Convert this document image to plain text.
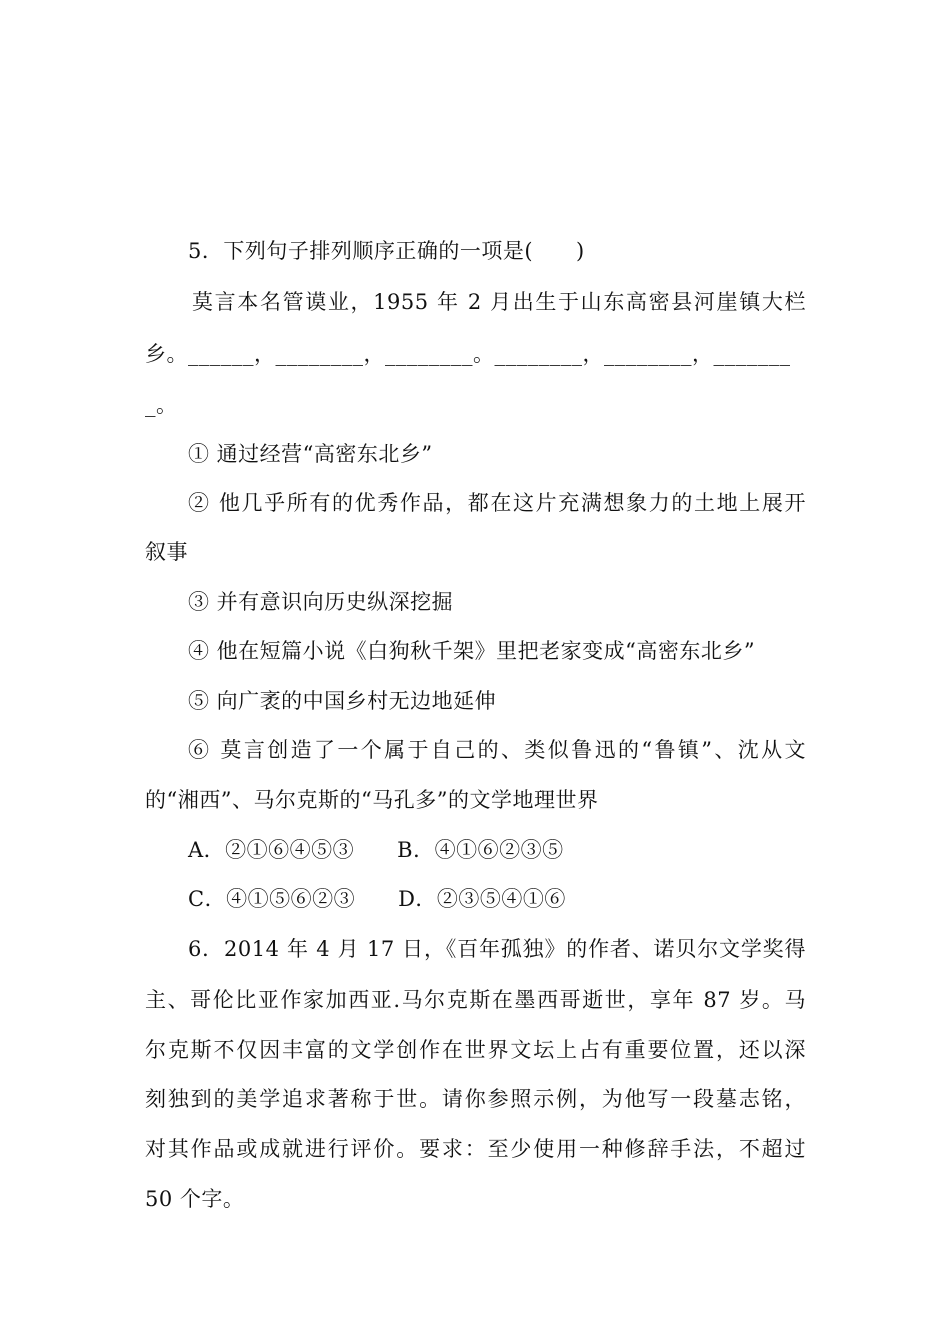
5．下列句子排列顺序正确的一项是(　　)
莫言本名管谟业，1955 年 2 月出生于山东高密县河崖镇大栏
乡。______，________，________。________，________，_______
_。
① 通过经营“高密东北乡”
② 他几乎所有的优秀作品，都在这片充满想象力的土地上展开
叙事
③ 并有意识向历史纵深挖掘
④ 他在短篇小说《白狗秋千架》里把老家变成“高密东北乡”
⑤ 向广袤的中国乡村无边地延伸
⑥ 莫言创造了一个属于自己的、类似鲁迅的“鲁镇”、沈从文
的“湘西”、马尔克斯的“马孔多”的文学地理世界
A．②①⑥④⑤③　　B．④①⑥②③⑤
C．④①⑤⑥②③　　D．②③⑤④①⑥
6．2014 年 4 月 17 日，《百年孤独》的作者、诺贝尔文学奖得
主、哥伦比亚作家加西亚.马尔克斯在墨西哥逝世，享年 87 岁。马
尔克斯不仅因丰富的文学创作在世界文坛上占有重要位置，还以深
刻独到的美学追求著称于世。请你参照示例，为他写一段墓志铭，
对其作品或成就进行评价。要求：至少使用一种修辞手法，不超过
50 个字。
